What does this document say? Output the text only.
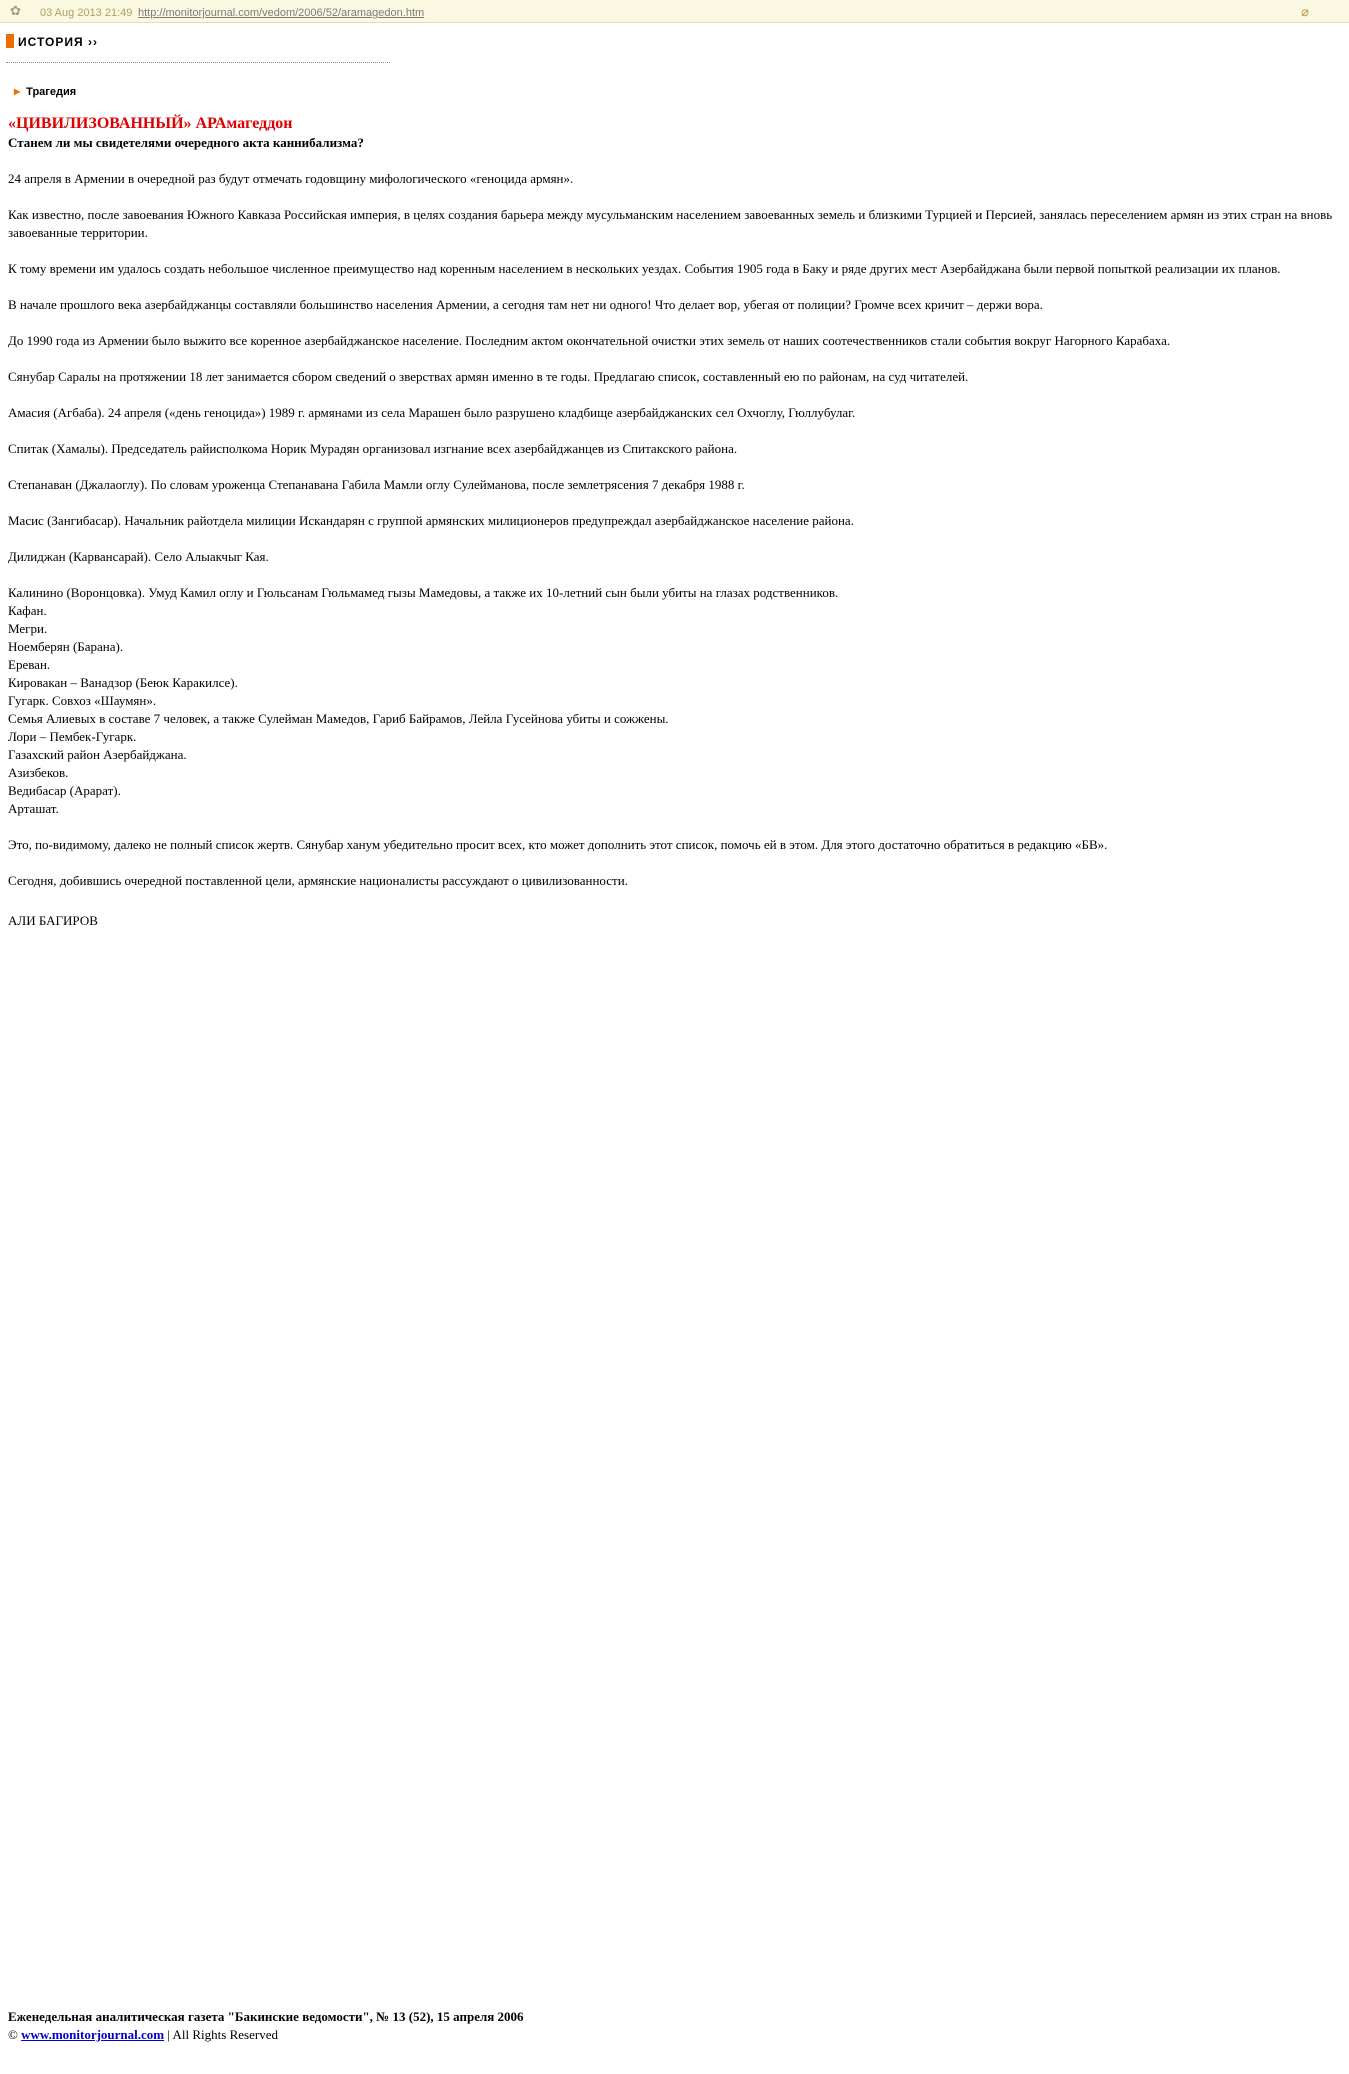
✿ 03 Aug 2013 21:49 http://monitorjournal.com/vedom/2006/52/aramagedon.htm	⌀
ИСТОРИЯ ››
▶ Трагедия
«ЦИВИЛИЗОВАННЫЙ» АРАмагеддон
Станем ли мы свидетелями очередного акта каннибализма?

24 апреля в Армении в очередной раз будут отмечать годовщину мифологического «геноцида армян».

Как известно, после завоевания Южного Кавказа Российская империя, в целях создания барьера между мусульманским населением завоеванных земель и близкими Турцией и Персией, занялась переселением армян из этих стран на вновь завоеванные территории.

К тому времени им удалось создать небольшое численное преимущество над коренным населением в нескольких уездах. События 1905 года в Баку и ряде других мест Азербайджана были первой попыткой реализации их планов.

В начале прошлого века азербайджанцы составляли большинство населения Армении, а сегодня там нет ни одного! Что делает вор, убегая от полиции? Громче всех кричит – держи вора.

До 1990 года из Армении было выжито все коренное азербайджанское население. Последним актом окончательной очистки этих земель от наших соотечественников стали события вокруг Нагорного Карабаха.

Сянубар Саралы на протяжении 18 лет занимается сбором сведений о зверствах армян именно в те годы. Предлагаю список, составленный ею по районам, на суд читателей.

Амасия (Агбаба). 24 апреля («день геноцида») 1989 г. армянами из села Марашен было разрушено кладбище азербайджанских сел Охчоглу, Гюллубулаг.

Спитак (Хамалы). Председатель райисполкома Норик Мурадян организовал изгнание всех азербайджанцев из Спитакского района.

Степанаван (Джалаоглу). По словам уроженца Степанавана Габила Мамли оглу Сулейманова, после землетрясения 7 декабря 1988 г.

Масис (Зангибасар). Начальник райотдела милиции Искандарян с группой армянских милиционеров предупреждал азербайджанское население района.

Дилиджан (Карвансарай). Село Алыакчыг Кая.

Калинино (Воронцовка). Умуд Камил оглу и Гюльсанам Гюльмамед гызы Мамедовы, а также их 10-летний сын были убиты на глазах родственников.

Кафан.

Мегри.

Ноемберян (Барана).

Ереван.

Кировакан – Ванадзор (Беюк Каракилсе).

Гугарк. Совхоз «Шаумян».

Семья Алиевых в составе 7 человек, а также Сулейман Мамедов, Гариб Байрамов, Лейла Гусейнова убиты и сожжены.

Лори – Пембек-Гугарк.

Газахский район Азербайджана.

Азизбеков.

Ведибасар (Арарат).

Арташат.

Это, по-видимому, далеко не полный список жертв. Сянубар ханум убедительно просит всех, кто может дополнить этот список, помочь ей в этом. Для этого достаточно обратиться в редакцию «БВ».

Сегодня, добившись очередной поставленной цели, армянские националисты рассуждают о цивилизованности.

АЛИ БАГИРОВ

Еженедельная аналитическая газета "Бакинские ведомости", № 13 (52), 15 апреля 2006
© www.monitorjournal.com | All Rights Reserved
